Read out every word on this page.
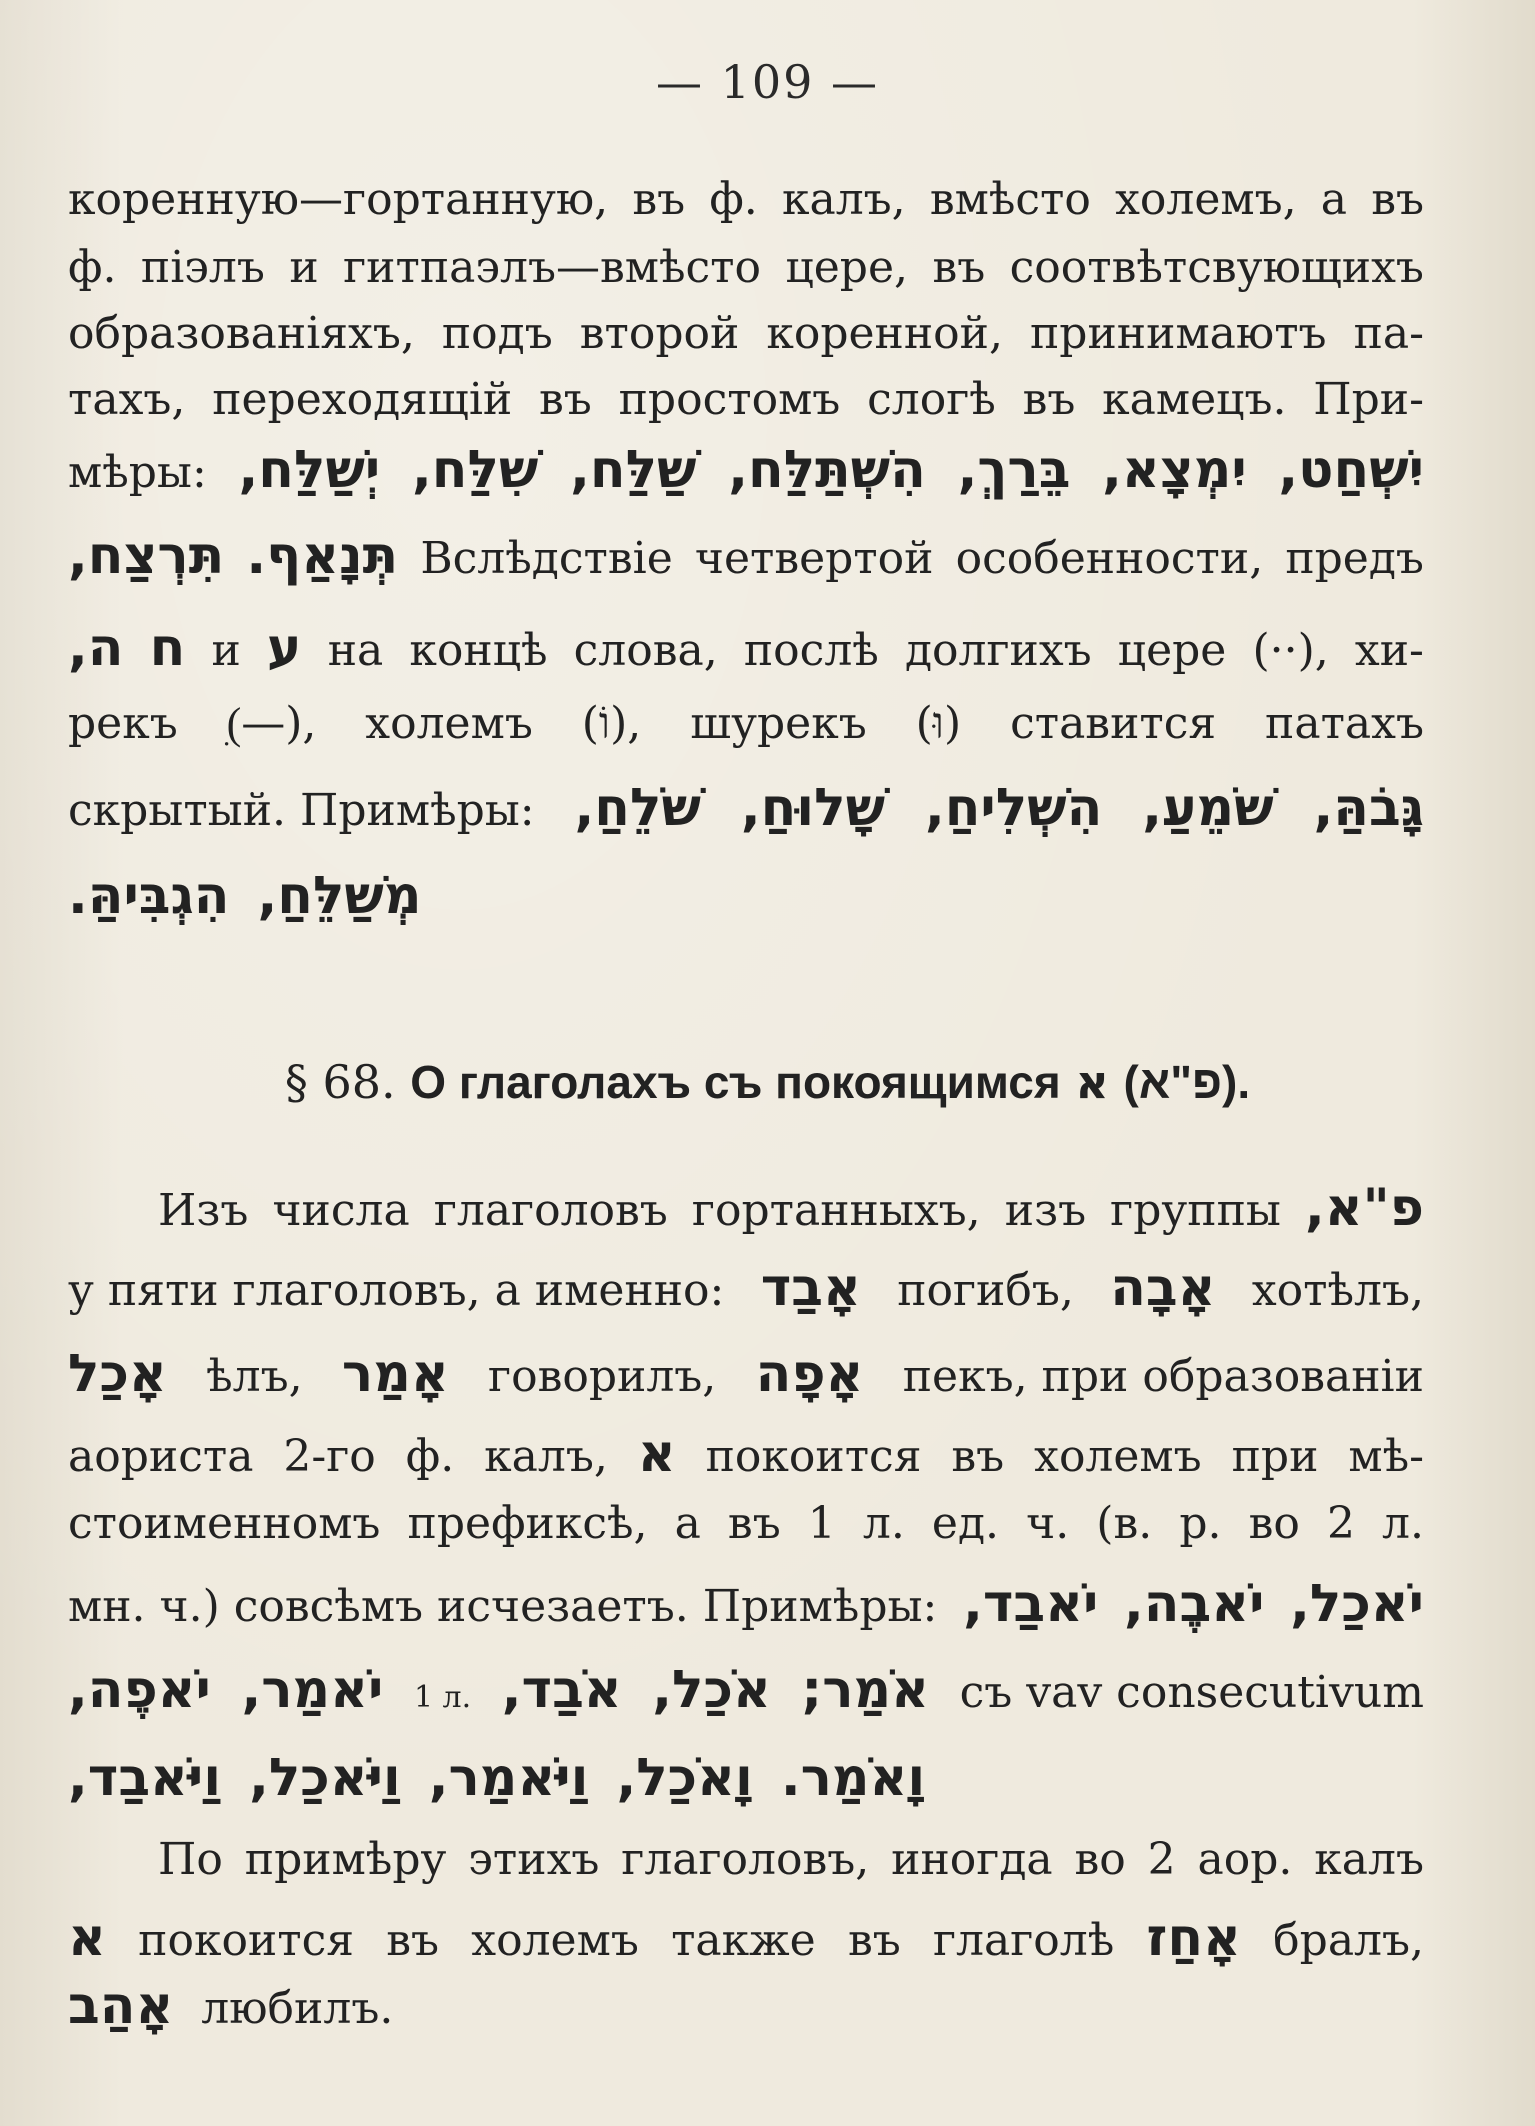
— 109 —
коренную—гортанную, въ ф. калъ, вмѣсто холемъ, а въ
ф. піэлъ и гитпаэлъ—вмѣсто цере, въ соотвѣтсвующихъ
образованіяхъ, подъ второй коренной, принимаютъ па-
тахъ, переходящій въ простомъ слогѣ въ камецъ. При-
мѣры: יְשַׁלַּח, שִׁלַּח, שַׁלַּח, הִשְׁתַּלַּח, בֵּרַךְ, יִמְצָא, יִשְׁחַט,
תִּרְצַח, תְּנָאַף. Вслѣдствіе четвертой особенности, предъ
ה, ח и ע на концѣ слова, послѣ долгихъ цере (··), хи-
рекъ (ִ—), холемъ (וֹ), шурекъ (וּ) ставится патахъ
скрытый. Примѣры: שֹׁלֵחַ, שָׁלוּחַ, הִשְׁלִיחַ, שֹׁמֵעַ, גָּבֹהַּ,
הִגְבִּיהַּ. מְשַׁלֵּחַ,
§ 68. О глаголахъ съ покоящимся א (פ"א).
Изъ числа глаголовъ гортанныхъ, изъ группы פ"א,
у пяти глаголовъ, а именно: אָבַד погибъ, אָבָה хотѣлъ,
אָכַל ѣлъ, אָמַר говорилъ, אָפָה пекъ, при образованіи
аориста 2-го ф. калъ, א покоится въ холемъ при мѣ-
стоименномъ префиксѣ, а въ 1 л. ед. ч. (в. р. во 2 л.
мн. ч.) совсѣмъ исчезаетъ. Примѣры: יֹאבַד, יֹאבֶה, יֹאכַל,
יֹאפֶה, יֹאמַר, 1 л. אֹבַד, אֹכַל, אֹמַר; съ vav consecutivum
וַיֹּאבַד, וַיֹּאכַל, וַיֹּאמַר, וָאֹכַל, וָאֹמַר.
По примѣру этихъ глаголовъ, иногда во 2 аор. калъ
א покоится въ холемъ также въ глаголѣ אָחַז бралъ,
אָהַב любилъ.
